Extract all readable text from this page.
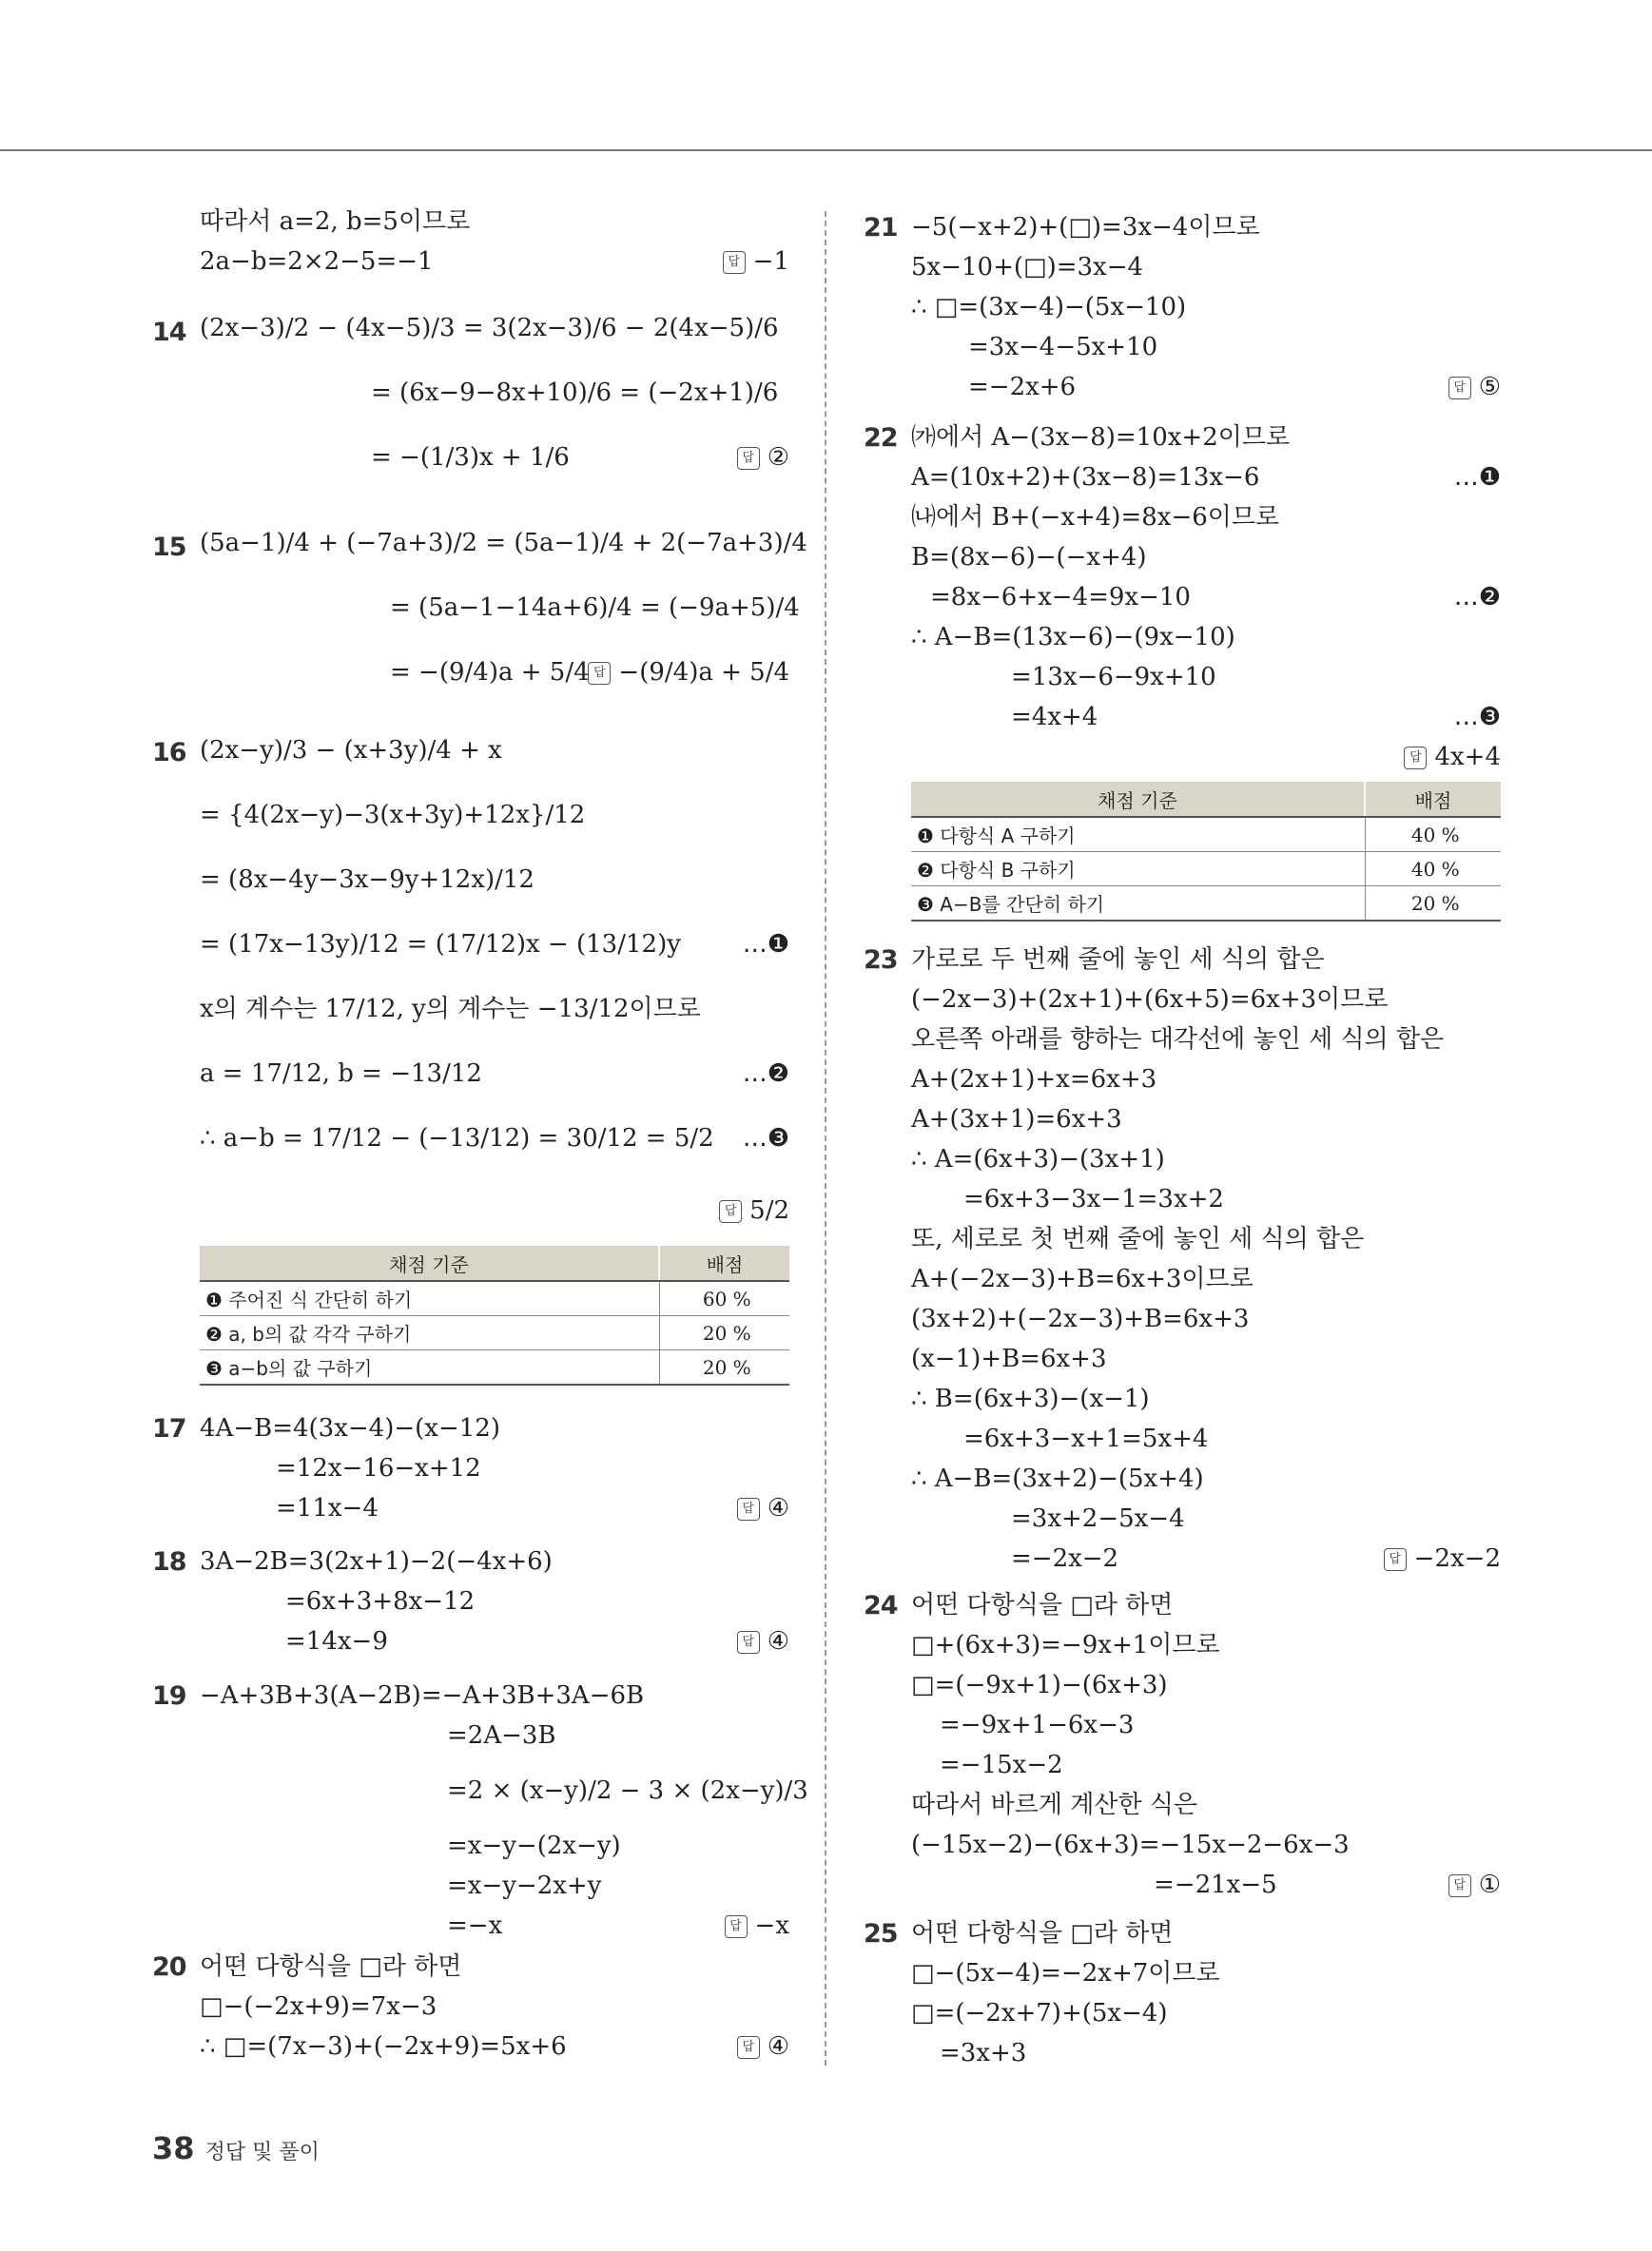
따라서 a=2, b=5이므로
2a−b=2×2−5=−1	답 −1
14 (2x−3)/2 − (4x−5)/3 = 3(2x−3)/6 − 2(4x−5)/6
= (6x−9−8x+10)/6 = (−2x+1)/6
= −(1/3)x + 1/6	답 ②
15 (5a−1)/4 + (−7a+3)/2 = (5a−1)/4 + 2(−7a+3)/4
= (5a−1−14a+6)/4 = (−9a+5)/4
= −(9/4)a + 5/4 답 −(9/4)a + 5/4
16 (2x−y)/3 − (x+3y)/4 + x
= {4(2x−y)−3(x+3y)+12x}/12
= (8x−4y−3x−9y+12x)/12
= (17x−13y)/12 = (17/12)x − (13/12)y …❶
x의 계수는 17/12, y의 계수는 −13/12이므로
a = 17/12, b = −13/12	…❷
∴ a−b = 17/12 − (−13/12) = 30/12 = 5/2 …❸
답 5/2
채점 기준	배점
❶ 주어진 식 간단히 하기	60 %
❷ a, b의 값 각각 구하기	20 %
❸ a−b의 값 구하기	20 %
17 4A−B=4(3x−4)−(x−12)
=12x−16−x+12
=11x−4	답 ④
18 3A−2B=3(2x+1)−2(−4x+6)
=6x+3+8x−12
=14x−9	답 ④
19 −A+3B+3(A−2B)=−A+3B+3A−6B
=2A−3B
=2 × (x−y)/2 − 3 × (2x−y)/3
=x−y−(2x−y)
=x−y−2x+y
=−x	답 −x
20 어떤 다항식을 □라 하면
□−(−2x+9)=7x−3
∴ □=(7x−3)+(−2x+9)=5x+6	답 ④
21 −5(−x+2)+(□)=3x−4이므로
5x−10+(□)=3x−4
∴ □=(3x−4)−(5x−10)
=3x−4−5x+10
=−2x+6	답 ⑤
22 ㈎에서 A−(3x−8)=10x+2이므로
A=(10x+2)+(3x−8)=13x−6	…❶
㈏에서 B+(−x+4)=8x−6이므로
B=(8x−6)−(−x+4)
=8x−6+x−4=9x−10	…❷
∴ A−B=(13x−6)−(9x−10)
=13x−6−9x+10
=4x+4	…❸
답 4x+4
채점 기준	배점
❶ 다항식 A 구하기	40 %
❷ 다항식 B 구하기	40 %
❸ A−B를 간단히 하기	20 %
23 가로로 두 번째 줄에 놓인 세 식의 합은
(−2x−3)+(2x+1)+(6x+5)=6x+3이므로
오른쪽 아래를 향하는 대각선에 놓인 세 식의 합은
A+(2x+1)+x=6x+3
A+(3x+1)=6x+3
∴ A=(6x+3)−(3x+1)
=6x+3−3x−1=3x+2
또, 세로로 첫 번째 줄에 놓인 세 식의 합은
A+(−2x−3)+B=6x+3이므로
(3x+2)+(−2x−3)+B=6x+3
(x−1)+B=6x+3
∴ B=(6x+3)−(x−1)
=6x+3−x+1=5x+4
∴ A−B=(3x+2)−(5x+4)
=3x+2−5x−4
=−2x−2	답 −2x−2
24 어떤 다항식을 □라 하면
□+(6x+3)=−9x+1이므로
□=(−9x+1)−(6x+3)
=−9x+1−6x−3
=−15x−2
따라서 바르게 계산한 식은
(−15x−2)−(6x+3)=−15x−2−6x−3
=−21x−5	답 ①
25 어떤 다항식을 □라 하면
□−(5x−4)=−2x+7이므로
□=(−2x+7)+(5x−4)
=3x+3
38 정답 및 풀이
